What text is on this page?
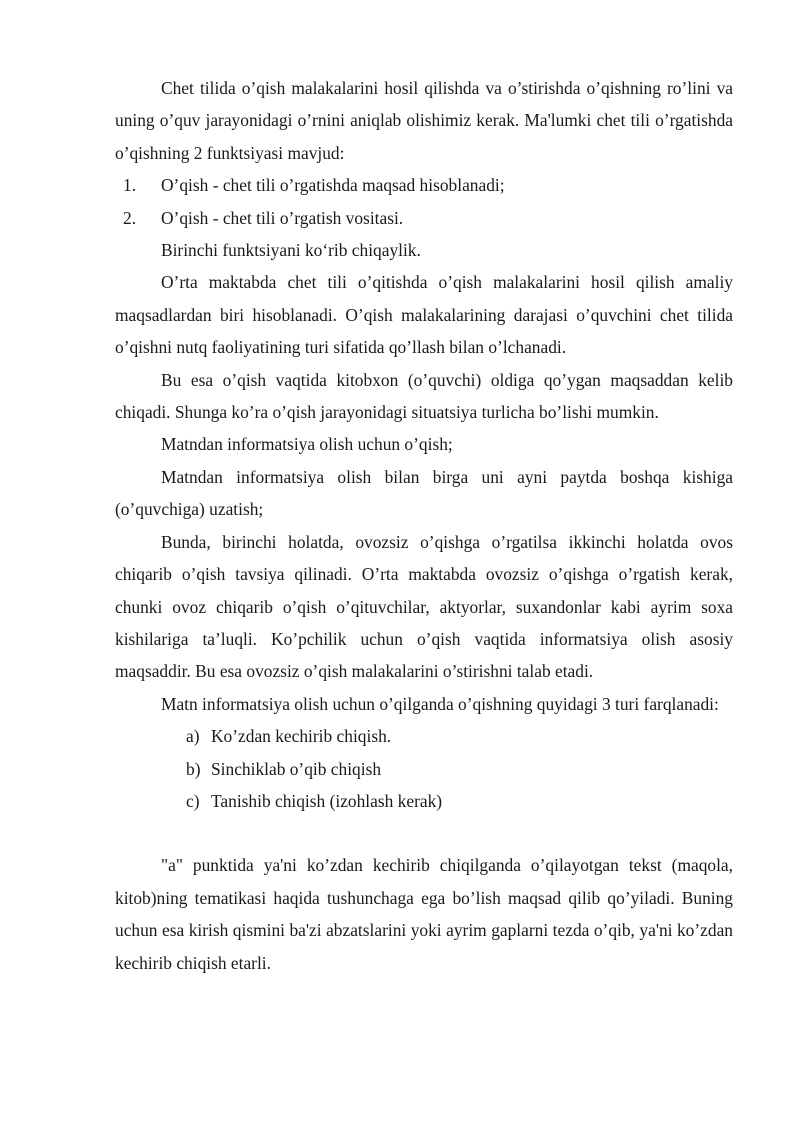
Chet tilida o’qish malakalarini hosil qilishda va o’stirishda o’qishning ro’lini va uning o’quv jarayonidagi o’rnini aniqlab olishimiz kerak. Ma'lumki chet tili o’rgatishda o’qishning 2 funktsiyasi mavjud:

1.	O’qish - chet tili o’rgatishda maqsad hisoblanadi;
2.	O’qish - chet tili o’rgatish vositasi.

Birinchi funktsiyani ko‘rib chiqaylik.

O’rta maktabda chet tili o’qitishda o’qish malakalarini hosil qilish amaliy maqsadlardan biri hisoblanadi. O’qish malakalarining darajasi o’quvchini chet tilida o’qishni nutq faoliyatining turi sifatida qo’llash bilan o’lchanadi.

Bu esa o’qish vaqtida kitobxon (o’quvchi) oldiga qo’ygan maqsaddan kelib chiqadi. Shunga ko’ra o’qish jarayonidagi situatsiya turlicha bo’lishi mumkin.

Matndan informatsiya olish uchun o’qish;

Matndan informatsiya olish bilan birga uni ayni paytda boshqa kishiga (o’quvchiga) uzatish;

Bunda, birinchi holatda, ovozsiz o’qishga o’rgatilsa ikkinchi holatda ovos chiqarib o’qish tavsiya qilinadi. O’rta maktabda ovozsiz o’qishga o’rgatish kerak, chunki ovoz chiqarib o’qish o’qituvchilar, aktyorlar, suxandonlar kabi ayrim soxa kishilariga ta’luqli. Ko’pchilik uchun o’qish vaqtida informatsiya olish asosiy maqsaddir. Bu esa ovozsiz o’qish malakalarini o’stirishni talab etadi.

Matn informatsiya olish uchun o’qilganda o’qishning quyidagi 3 turi farqlanadi:

a) Ko’zdan kechirib chiqish.
b) Sinchiklab o’qib chiqish
c) Tanishib chiqish (izohlash kerak)

"a" punktida ya'ni ko’zdan kechirib chiqilganda o’qilayotgan tekst (maqola, kitob)ning tematikasi haqida tushunchaga ega bo’lish maqsad qilib qo’yiladi. Buning uchun esa kirish qismini ba'zi abzatslarini yoki ayrim gaplarni tezda o’qib, ya'ni ko’zdan kechirib chiqish etarli.
